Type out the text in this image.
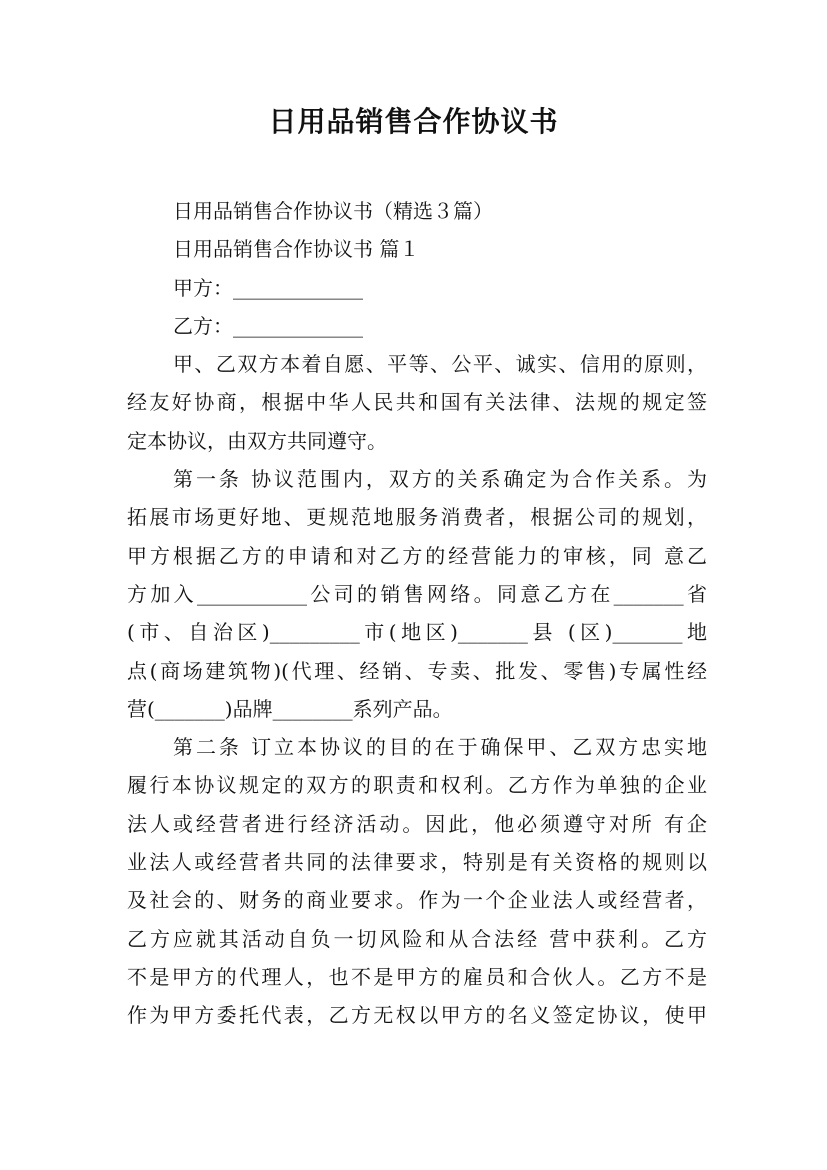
日用品销售合作协议书

日用品销售合作协议书（精选３篇）

日用品销售合作协议书 篇１

甲方：_____________

乙方：_____________

甲、乙双方本着自愿、平等、公平、诚实、信用的原则，

经友好协商，根据中华人民共和国有关法律、法规的规定签

定本协议，由双方共同遵守。

第一条 协议范围内，双方的关系确定为合作关系。为

拓展市场更好地、更规范地服务消费者，根据公司的规划，

甲方根据乙方的申请和对乙方的经营能力的审核，同 意乙

方加入___________公司的销售网络。同意乙方在_______省

(市、自治区)_________市(地区)_______县 (区)_______地

点(商场建筑物)(代理、经销、专卖、批发、零售)专属性经

营(_______)品牌________系列产品。

第二条 订立本协议的目的在于确保甲、乙双方忠实地

履行本协议规定的双方的职责和权利。乙方作为单独的企业

法人或经营者进行经济活动。因此，他必须遵守对所 有企

业法人或经营者共同的法律要求，特别是有关资格的规则以

及社会的、财务的商业要求。作为一个企业法人或经营者，

乙方应就其活动自负一切风险和从合法经 营中获利。乙方

不是甲方的代理人，也不是甲方的雇员和合伙人。乙方不是

作为甲方委托代表，乙方无权以甲方的名义签定协议，使甲
